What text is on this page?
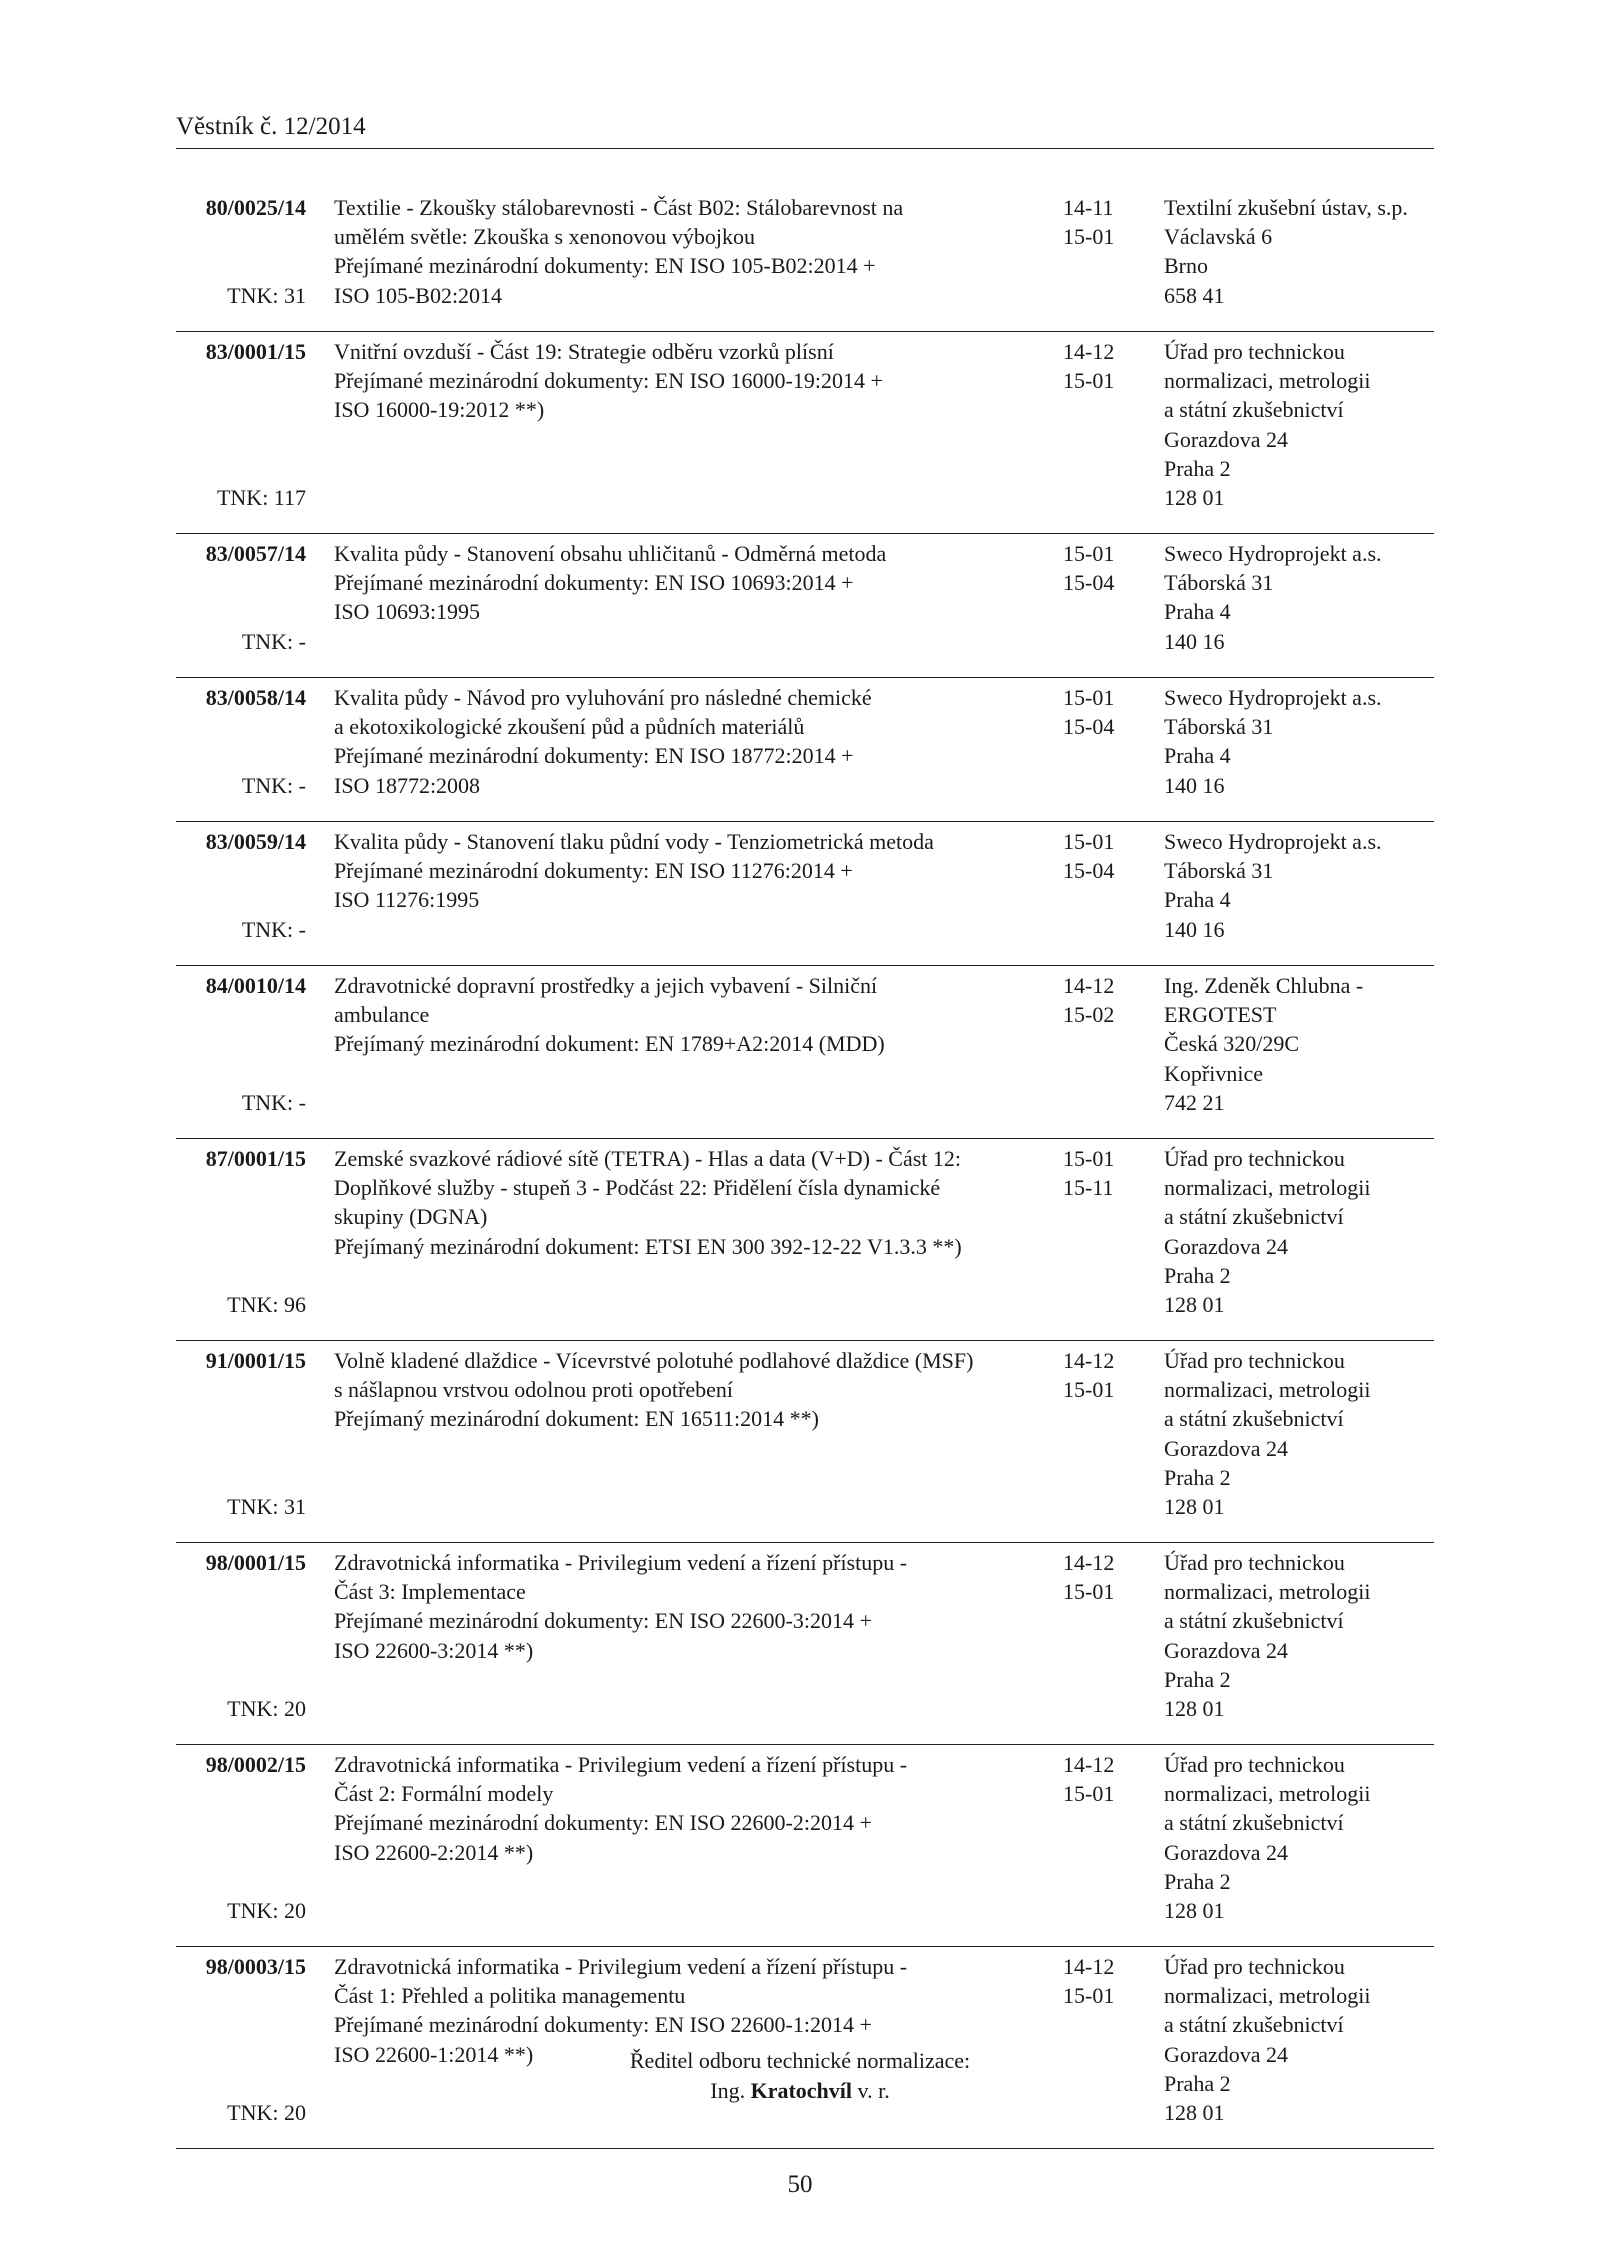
Věstník č. 12/2014
80/0025/14
TNK: 31
Textilie - Zkoušky stálobarevnosti - Část B02: Stálobarevnost na
umělém světle: Zkouška s xenonovou výbojkou
Přejímané mezinárodní dokumenty: EN ISO 105-B02:2014 +
ISO 105-B02:2014
14-11
15-01
Textilní zkušební ústav, s.p.
Václavská 6
Brno
658 41
83/0001/15
TNK: 117
Vnitřní ovzduší - Část 19: Strategie odběru vzorků plísní
Přejímané mezinárodní dokumenty: EN ISO 16000-19:2014 +
ISO 16000-19:2012 **)
14-12
15-01
Úřad pro technickou
normalizaci, metrologii
a státní zkušebnictví
Gorazdova 24
Praha 2
128 01
83/0057/14
TNK: -
Kvalita půdy - Stanovení obsahu uhličitanů - Odměrná metoda
Přejímané mezinárodní dokumenty: EN ISO 10693:2014 +
ISO 10693:1995
15-01
15-04
Sweco Hydroprojekt a.s.
Táborská 31
Praha 4
140 16
83/0058/14
TNK: -
Kvalita půdy - Návod pro vyluhování pro následné chemické
a ekotoxikologické zkoušení půd a půdních materiálů
Přejímané mezinárodní dokumenty: EN ISO 18772:2014 +
ISO 18772:2008
15-01
15-04
Sweco Hydroprojekt a.s.
Táborská 31
Praha 4
140 16
83/0059/14
TNK: -
Kvalita půdy - Stanovení tlaku půdní vody - Tenziometrická metoda
Přejímané mezinárodní dokumenty: EN ISO 11276:2014 +
ISO 11276:1995
15-01
15-04
Sweco Hydroprojekt a.s.
Táborská 31
Praha 4
140 16
84/0010/14
TNK: -
Zdravotnické dopravní prostředky a jejich vybavení - Silniční
ambulance
Přejímaný mezinárodní dokument: EN 1789+A2:2014 (MDD)
14-12
15-02
Ing. Zdeněk Chlubna -
ERGOTEST
Česká 320/29C
Kopřivnice
742 21
87/0001/15
TNK: 96
Zemské svazkové rádiové sítě (TETRA) - Hlas a data (V+D) - Část 12:
Doplňkové služby - stupeň 3 - Podčást 22: Přidělení čísla dynamické
skupiny (DGNA)
Přejímaný mezinárodní dokument: ETSI EN 300 392-12-22 V1.3.3 **)
15-01
15-11
Úřad pro technickou
normalizaci, metrologii
a státní zkušebnictví
Gorazdova 24
Praha 2
128 01
91/0001/15
TNK: 31
Volně kladené dlaždice - Vícevrstvé polotuhé podlahové dlaždice (MSF)
s nášlapnou vrstvou odolnou proti opotřebení
Přejímaný mezinárodní dokument: EN 16511:2014 **)
14-12
15-01
Úřad pro technickou
normalizaci, metrologii
a státní zkušebnictví
Gorazdova 24
Praha 2
128 01
98/0001/15
TNK: 20
Zdravotnická informatika - Privilegium vedení a řízení přístupu -
Část 3: Implementace
Přejímané mezinárodní dokumenty: EN ISO 22600-3:2014 +
ISO 22600-3:2014 **)
14-12
15-01
Úřad pro technickou
normalizaci, metrologii
a státní zkušebnictví
Gorazdova 24
Praha 2
128 01
98/0002/15
TNK: 20
Zdravotnická informatika - Privilegium vedení a řízení přístupu -
Část 2: Formální modely
Přejímané mezinárodní dokumenty: EN ISO 22600-2:2014 +
ISO 22600-2:2014 **)
14-12
15-01
Úřad pro technickou
normalizaci, metrologii
a státní zkušebnictví
Gorazdova 24
Praha 2
128 01
98/0003/15
TNK: 20
Zdravotnická informatika - Privilegium vedení a řízení přístupu -
Část 1: Přehled a politika managementu
Přejímané mezinárodní dokumenty: EN ISO 22600-1:2014 +
ISO 22600-1:2014 **)
14-12
15-01
Úřad pro technickou
normalizaci, metrologii
a státní zkušebnictví
Gorazdova 24
Praha 2
128 01
Ředitel odboru technické normalizace:
Ing. Kratochvíl v. r.
50
